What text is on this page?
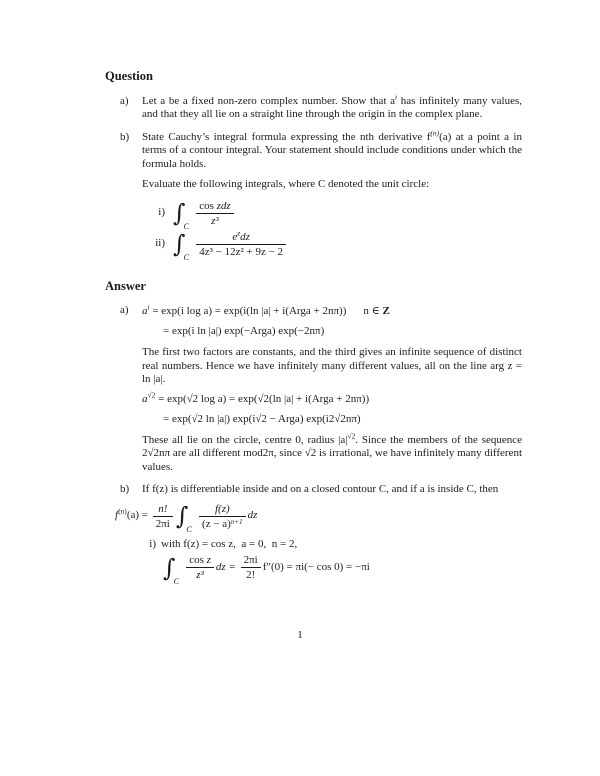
Question
a)	Let a be a fixed non-zero complex number. Show that $a^i$ has infinitely many values, and that they all lie on a straight line through the origin in the complex plane.

b)	State Cauchy’s integral formula expressing the nth derivative $f^{(n)}(a)$ at a point a in terms of a contour integral. Your statement should include conditions under which the formula holds.

Evaluate the following integrals, where C denoted the unit circle:

i) $\int_C \frac{\text{cos zdz}}{\text{z³}}$
ii) $\int_C \frac{e^zdz}{\text{4z³ − 12z² + 9z − 2}}$
Answer
a)	$a^i = \exp(i$ log a) = exp(i(ln |a| + i(Arga + 2nπ)) n ∈ Z
= exp(i ln |a|) exp(−Arga) exp(−2nπ)

The first two factors are constants, and the third gives an infinite sequence of distinct real numbers. Hence we have infinitely many different values, all on the line arg z = ln |a|.

$a^{√2} = \exp(√2$ log a) = exp(√2(ln |a| + i(Arga + 2nπ))
= exp(√2 ln |a|) exp(i√2 − Arga) exp(i2√2nπ)

These all lie on the circle, centre 0, radius $|a|^{√2}$. Since the members of the sequence 2√2nπ are all different mod2π, since √2 is irrational, we have infinitely many different values.

b)	If f(z) is differentiable inside and on a closed contour C, and if a is inside C, then

$f^{(n)}(a) = \frac{n!}{2\pi i} \int_C \frac{f(z)}{(z - a)^{n+1}}$ dz
i) with f(z) = cos z,  a = 0,  n = 2,
$\int_C \frac{\text{cos z}}{\text{z³}}$ dz = $\frac{2\pi i}{2!} f''(0) = \pi i(- \cos 0) = -\pi i$
1
